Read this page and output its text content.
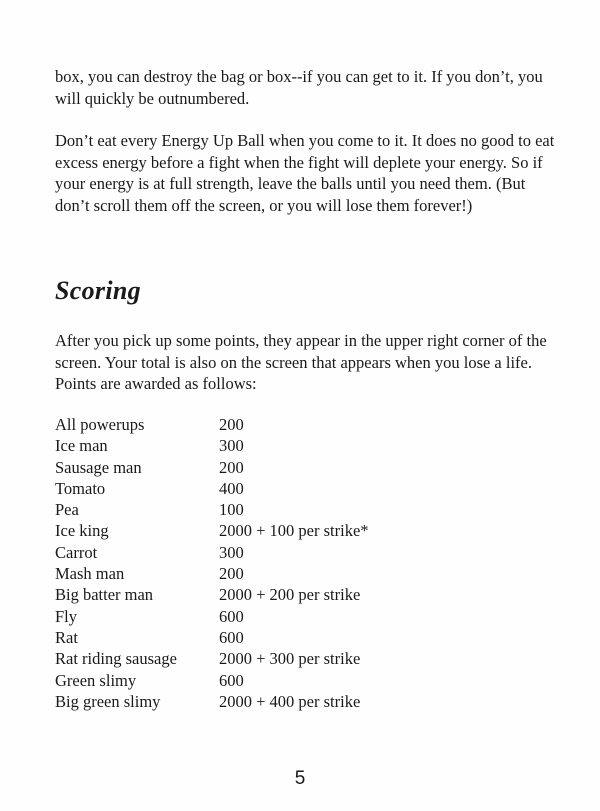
box, you can destroy the bag or box--if you can get to it. If you don’t, you will quickly be outnumbered.

Don’t eat every Energy Up Ball when you come to it. It does no good to eat excess energy before a fight when the fight will deplete your energy. So if your energy is at full strength, leave the balls until you need them. (But don’t scroll them off the screen, or you will lose them forever!)

Scoring

After you pick up some points, they appear in the upper right corner of the screen. Your total is also on the screen that appears when you lose a life. Points are awarded as follows:

All powerups	200
Ice man	300
Sausage man	200
Tomato	400
Pea	100
Ice king	2000 + 100 per strike*
Carrot	300
Mash man	200
Big batter man	2000 + 200 per strike
Fly	600
Rat	600
Rat riding sausage	2000 + 300 per strike
Green slimy	600
Big green slimy	2000 + 400 per strike
5
